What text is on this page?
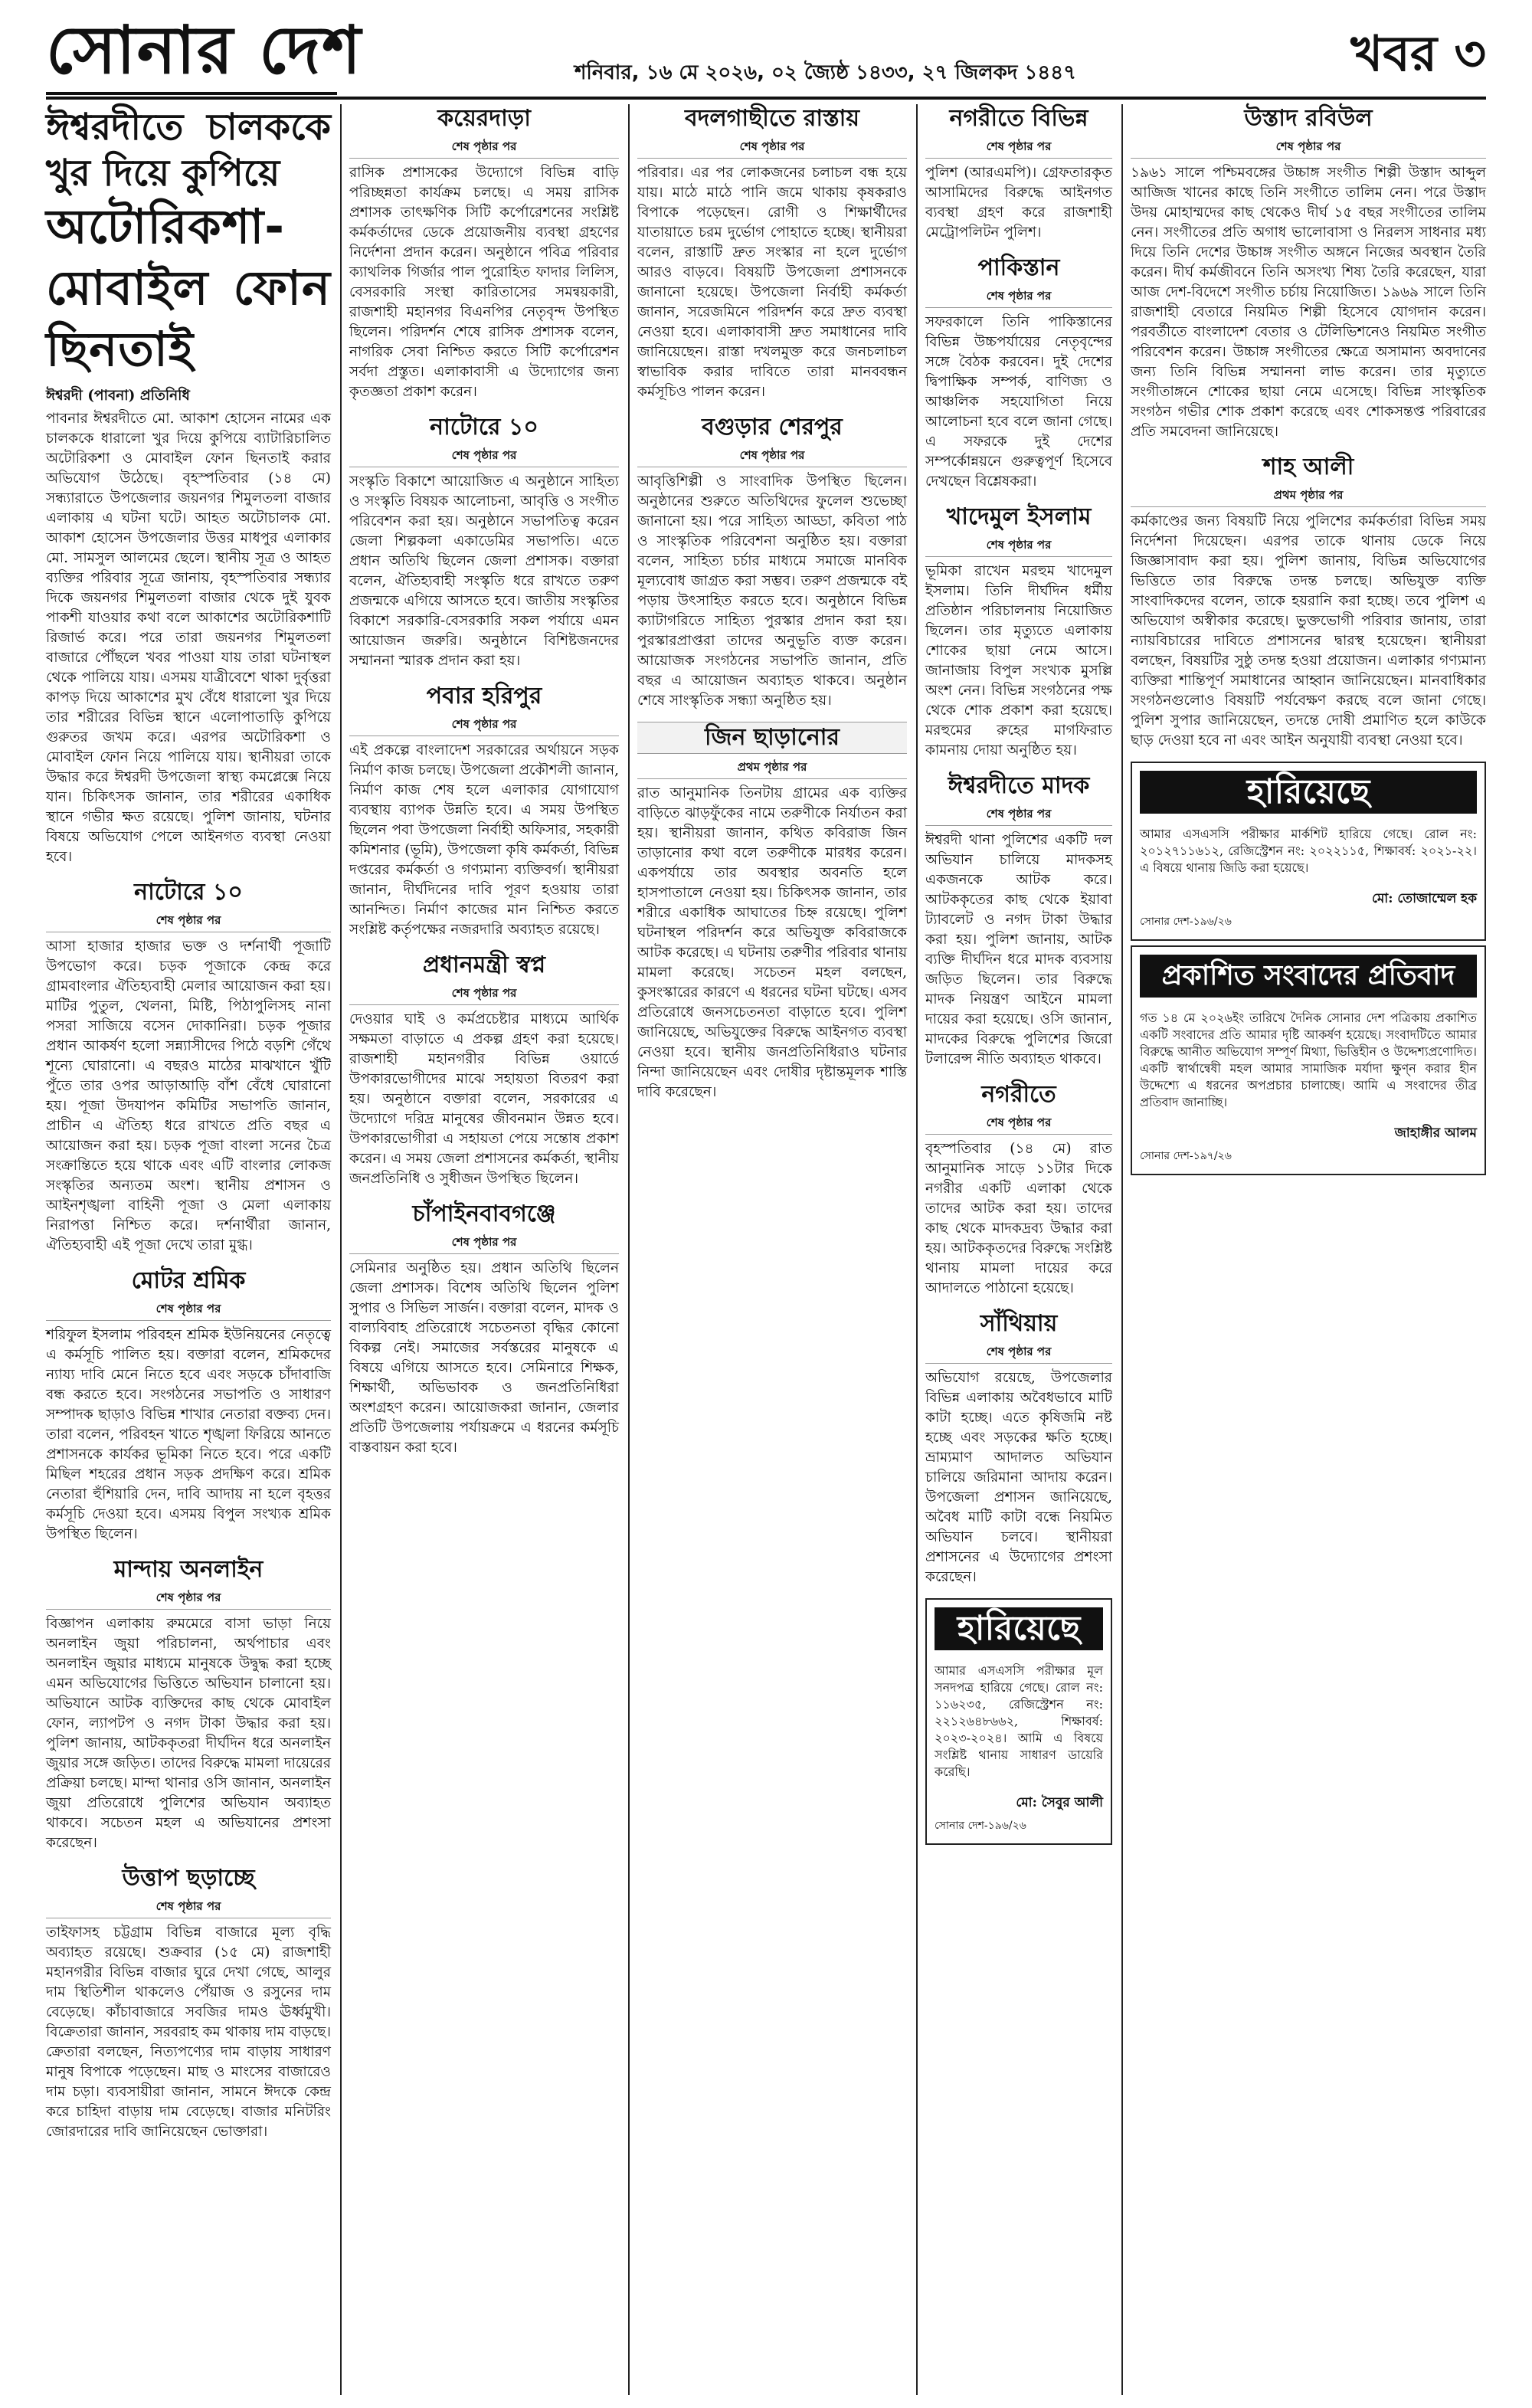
সোনার দেশ	শনিবার, ১৬ মে ২০২৬, ০২ জ্যৈষ্ঠ ১৪৩৩, ২৭ জিলকদ ১৪৪৭	খবর ৩
ঈশ্বরদীতে চালককে খুর দিয়ে কুপিয়ে
অটোরিকশা-মোবাইল ফোন ছিনতাই
ঈশ্বরদী (পাবনা) প্রতিনিধি

পাবনার ঈশ্বরদীতে মো. আকাশ হোসেন নামের এক চালককে ধারালো খুর দিয়ে কুপিয়ে ব্যাটারিচালিত অটোরিকশা ও মোবাইল ফোন ছিনতাই করার অভিযোগ উঠেছে। বৃহস্পতিবার (১৪ মে) সন্ধ্যারাতে উপজেলার জয়নগর শিমুলতলা বাজার এলাকায় এ ঘটনা ঘটে। আহত অটোচালক মো. আকাশ হোসেন উপজেলার উত্তর মাধপুর এলাকার মো. সামসুল আলমের ছেলে। স্থানীয় সূত্র ও আহত ব্যক্তির পরিবার সূত্রে জানায়, বৃহস্পতিবার সন্ধ্যার দিকে জয়নগর শিমুলতলা বাজার থেকে দুই যুবক পাকশী যাওয়ার কথা বলে আকাশের অটোরিকশাটি রিজার্ভ করে। পরে তারা জয়নগর শিমুলতলা বাজারে পৌঁছলে খবর পাওয়া যায় তারা ঘটনাস্থল থেকে পালিয়ে যায়। এসময় যাত্রীবেশে থাকা দুর্বৃত্তরা কাপড় দিয়ে আকাশের মুখ বেঁধে ধারালো খুর দিয়ে তার শরীরের বিভিন্ন স্থানে এলোপাতাড়ি কুপিয়ে গুরুতর জখম করে। এরপর অটোরিকশা ও মোবাইল ফোন নিয়ে পালিয়ে যায়। স্থানীয়রা তাকে উদ্ধার করে ঈশ্বরদী উপজেলা স্বাস্থ্য কমপ্লেক্সে নিয়ে যান। চিকিৎসক জানান, তার শরীরের একাধিক স্থানে গভীর ক্ষত রয়েছে। পুলিশ জানায়, ঘটনার বিষয়ে অভিযোগ পেলে আইনগত ব্যবস্থা নেওয়া হবে।

নাটোরে ১০
শেষ পৃষ্ঠার পর

আসা হাজার হাজার ভক্ত ও দর্শনার্থী পূজাটি উপভোগ করে। চড়ক পূজাকে কেন্দ্র করে গ্রামবাংলার ঐতিহ্যবাহী মেলার আয়োজন করা হয়। মাটির পুতুল, খেলনা, মিষ্টি, পিঠাপুলিসহ নানা পসরা সাজিয়ে বসেন দোকানিরা। চড়ক পূজার প্রধান আকর্ষণ হলো সন্ন্যাসীদের পিঠে বড়শি গেঁথে শূন্যে ঘোরানো। এ বছরও মাঠের মাঝখানে খুঁটি পুঁতে তার ওপর আড়াআড়ি বাঁশ বেঁধে ঘোরানো হয়। পূজা উদযাপন কমিটির সভাপতি জানান, প্রাচীন এ ঐতিহ্য ধরে রাখতে প্রতি বছর এ আয়োজন করা হয়। চড়ক পূজা বাংলা সনের চৈত্র সংক্রান্তিতে হয়ে থাকে এবং এটি বাংলার লোকজ সংস্কৃতির অন্যতম অংশ। স্থানীয় প্রশাসন ও আইনশৃঙ্খলা বাহিনী পূজা ও মেলা এলাকায় নিরাপত্তা নিশ্চিত করে। দর্শনার্থীরা জানান, ঐতিহ্যবাহী এই পূজা দেখে তারা মুগ্ধ।

মোটর শ্রমিক
শেষ পৃষ্ঠার পর

শরিফুল ইসলাম পরিবহন শ্রমিক ইউনিয়নের নেতৃত্বে এ কর্মসূচি পালিত হয়। বক্তারা বলেন, শ্রমিকদের ন্যায্য দাবি মেনে নিতে হবে এবং সড়কে চাঁদাবাজি বন্ধ করতে হবে। সংগঠনের সভাপতি ও সাধারণ সম্পাদক ছাড়াও বিভিন্ন শাখার নেতারা বক্তব্য দেন। তারা বলেন, পরিবহন খাতে শৃঙ্খলা ফিরিয়ে আনতে প্রশাসনকে কার্যকর ভূমিকা নিতে হবে। পরে একটি মিছিল শহরের প্রধান সড়ক প্রদক্ষিণ করে। শ্রমিক নেতারা হুঁশিয়ারি দেন, দাবি আদায় না হলে বৃহত্তর কর্মসূচি দেওয়া হবে। এসময় বিপুল সংখ্যক শ্রমিক উপস্থিত ছিলেন।

মান্দায় অনলাইন
শেষ পৃষ্ঠার পর

বিজ্ঞাপন এলাকায় রুমমেরে বাসা ভাড়া নিয়ে অনলাইন জুয়া পরিচালনা, অর্থপাচার এবং অনলাইন জুয়ার মাধ্যমে মানুষকে উদ্বুদ্ধ করা হচ্ছে এমন অভিযোগের ভিত্তিতে অভিযান চালানো হয়। অভিযানে আটক ব্যক্তিদের কাছ থেকে মোবাইল ফোন, ল্যাপটপ ও নগদ টাকা উদ্ধার করা হয়। পুলিশ জানায়, আটককৃতরা দীর্ঘদিন ধরে অনলাইন জুয়ার সঙ্গে জড়িত। তাদের বিরুদ্ধে মামলা দায়েরের প্রক্রিয়া চলছে। মান্দা থানার ওসি জানান, অনলাইন জুয়া প্রতিরোধে পুলিশের অভিযান অব্যাহত থাকবে। সচেতন মহল এ অভিযানের প্রশংসা করেছেন।

উত্তাপ ছড়াচ্ছে
শেষ পৃষ্ঠার পর

তাইফাসহ চট্টগ্রাম বিভিন্ন বাজারে মূল্য বৃদ্ধি অব্যাহত রয়েছে। শুক্রবার (১৫ মে) রাজশাহী মহানগরীর বিভিন্ন বাজার ঘুরে দেখা গেছে, আলুর দাম স্থিতিশীল থাকলেও পেঁয়াজ ও রসুনের দাম বেড়েছে। কাঁচাবাজারে সবজির দামও ঊর্ধ্বমুখী। বিক্রেতারা জানান, সরবরাহ কম থাকায় দাম বাড়ছে। ক্রেতারা বলছেন, নিত্যপণ্যের দাম বাড়ায় সাধারণ মানুষ বিপাকে পড়েছেন। মাছ ও মাংসের বাজারেও দাম চড়া। ব্যবসায়ীরা জানান, সামনে ঈদকে কেন্দ্র করে চাহিদা বাড়ায় দাম বেড়েছে। বাজার মনিটরিং জোরদারের দাবি জানিয়েছেন ভোক্তারা।

কয়েরদাড়া
শেষ পৃষ্ঠার পর

রাসিক প্রশাসকের উদ্যোগে বিভিন্ন বাড়ি পরিচ্ছন্নতা কার্যক্রম চলছে। এ সময় রাসিক প্রশাসক তাৎক্ষণিক সিটি কর্পোরেশনের সংশ্লিষ্ট কর্মকর্তাদের ডেকে প্রয়োজনীয় ব্যবস্থা গ্রহণের নির্দেশনা প্রদান করেন। অনুষ্ঠানে পবিত্র পরিবার ক্যাথলিক গির্জার পাল পুরোহিত ফাদার লিলিস, বেসরকারি সংস্থা কারিতাসের সমন্বয়কারী, রাজশাহী মহানগর বিএনপির নেতৃবৃন্দ উপস্থিত ছিলেন। পরিদর্শন শেষে রাসিক প্রশাসক বলেন, নাগরিক সেবা নিশ্চিত করতে সিটি কর্পোরেশন সর্বদা প্রস্তুত। এলাকাবাসী এ উদ্যোগের জন্য কৃতজ্ঞতা প্রকাশ করেন।

নাটোরে ১০
শেষ পৃষ্ঠার পর

সংস্কৃতি বিকাশে আয়োজিত এ অনুষ্ঠানে সাহিত্য ও সংস্কৃতি বিষয়ক আলোচনা, আবৃত্তি ও সংগীত পরিবেশন করা হয়। অনুষ্ঠানে সভাপতিত্ব করেন জেলা শিল্পকলা একাডেমির সভাপতি। এতে প্রধান অতিথি ছিলেন জেলা প্রশাসক। বক্তারা বলেন, ঐতিহ্যবাহী সংস্কৃতি ধরে রাখতে তরুণ প্রজন্মকে এগিয়ে আসতে হবে। জাতীয় সংস্কৃতির বিকাশে সরকারি-বেসরকারি সকল পর্যায়ে এমন আয়োজন জরুরি। অনুষ্ঠানে বিশিষ্টজনদের সম্মাননা স্মারক প্রদান করা হয়।

পবার হরিপুর
শেষ পৃষ্ঠার পর

এই প্রকল্পে বাংলাদেশ সরকারের অর্থায়নে সড়ক নির্মাণ কাজ চলছে। উপজেলা প্রকৌশলী জানান, নির্মাণ কাজ শেষ হলে এলাকার যোগাযোগ ব্যবস্থায় ব্যাপক উন্নতি হবে। এ সময় উপস্থিত ছিলেন পবা উপজেলা নির্বাহী অফিসার, সহকারী কমিশনার (ভূমি), উপজেলা কৃষি কর্মকর্তা, বিভিন্ন দপ্তরের কর্মকর্তা ও গণ্যমান্য ব্যক্তিবর্গ। স্থানীয়রা জানান, দীর্ঘদিনের দাবি পূরণ হওয়ায় তারা আনন্দিত। নির্মাণ কাজের মান নিশ্চিত করতে সংশ্লিষ্ট কর্তৃপক্ষের নজরদারি অব্যাহত রয়েছে।

প্রধানমন্ত্রী স্বপ্ন
শেষ পৃষ্ঠার পর

দেওয়ার ঘাই ও কর্মপ্রচেষ্টার মাধ্যমে আর্থিক সক্ষমতা বাড়াতে এ প্রকল্প গ্রহণ করা হয়েছে। রাজশাহী মহানগরীর বিভিন্ন ওয়ার্ডে উপকারভোগীদের মাঝে সহায়তা বিতরণ করা হয়। অনুষ্ঠানে বক্তারা বলেন, সরকারের এ উদ্যোগে দরিদ্র মানুষের জীবনমান উন্নত হবে। উপকারভোগীরা এ সহায়তা পেয়ে সন্তোষ প্রকাশ করেন। এ সময় জেলা প্রশাসনের কর্মকর্তা, স্থানীয় জনপ্রতিনিধি ও সুধীজন উপস্থিত ছিলেন।

চাঁপাইনবাবগঞ্জে
শেষ পৃষ্ঠার পর

সেমিনার অনুষ্ঠিত হয়। প্রধান অতিথি ছিলেন জেলা প্রশাসক। বিশেষ অতিথি ছিলেন পুলিশ সুপার ও সিভিল সার্জন। বক্তারা বলেন, মাদক ও বাল্যবিবাহ প্রতিরোধে সচেতনতা বৃদ্ধির কোনো বিকল্প নেই। সমাজের সর্বস্তরের মানুষকে এ বিষয়ে এগিয়ে আসতে হবে। সেমিনারে শিক্ষক, শিক্ষার্থী, অভিভাবক ও জনপ্রতিনিধিরা অংশগ্রহণ করেন। আয়োজকরা জানান, জেলার প্রতিটি উপজেলায় পর্যায়ক্রমে এ ধরনের কর্মসূচি বাস্তবায়ন করা হবে।

বদলগাছীতে রাস্তায়
শেষ পৃষ্ঠার পর

পরিবার। এর পর লোকজনের চলাচল বন্ধ হয়ে যায়। মাঠে মাঠে পানি জমে থাকায় কৃষকরাও বিপাকে পড়েছেন। রোগী ও শিক্ষার্থীদের যাতায়াতে চরম দুর্ভোগ পোহাতে হচ্ছে। স্থানীয়রা বলেন, রাস্তাটি দ্রুত সংস্কার না হলে দুর্ভোগ আরও বাড়বে। বিষয়টি উপজেলা প্রশাসনকে জানানো হয়েছে। উপজেলা নির্বাহী কর্মকর্তা জানান, সরেজমিনে পরিদর্শন করে দ্রুত ব্যবস্থা নেওয়া হবে। এলাকাবাসী দ্রুত সমাধানের দাবি জানিয়েছেন। রাস্তা দখলমুক্ত করে জনচলাচল স্বাভাবিক করার দাবিতে তারা মানববন্ধন কর্মসূচিও পালন করেন।

বগুড়ার শেরপুর
শেষ পৃষ্ঠার পর

আবৃত্তিশিল্পী ও সাংবাদিক উপস্থিত ছিলেন। অনুষ্ঠানের শুরুতে অতিথিদের ফুলেল শুভেচ্ছা জানানো হয়। পরে সাহিত্য আড্ডা, কবিতা পাঠ ও সাংস্কৃতিক পরিবেশনা অনুষ্ঠিত হয়। বক্তারা বলেন, সাহিত্য চর্চার মাধ্যমে সমাজে মানবিক মূল্যবোধ জাগ্রত করা সম্ভব। তরুণ প্রজন্মকে বই পড়ায় উৎসাহিত করতে হবে। অনুষ্ঠানে বিভিন্ন ক্যাটাগরিতে সাহিত্য পুরস্কার প্রদান করা হয়। পুরস্কারপ্রাপ্তরা তাদের অনুভূতি ব্যক্ত করেন। আয়োজক সংগঠনের সভাপতি জানান, প্রতি বছর এ আয়োজন অব্যাহত থাকবে। অনুষ্ঠান শেষে সাংস্কৃতিক সন্ধ্যা অনুষ্ঠিত হয়।

জিন ছাড়ানোর
প্রথম পৃষ্ঠার পর

রাত আনুমানিক তিনটায় গ্রামের এক ব্যক্তির বাড়িতে ঝাড়ফুঁকের নামে তরুণীকে নির্যাতন করা হয়। স্থানীয়রা জানান, কথিত কবিরাজ জিন তাড়ানোর কথা বলে তরুণীকে মারধর করেন। একপর্যায়ে তার অবস্থার অবনতি হলে হাসপাতালে নেওয়া হয়। চিকিৎসক জানান, তার শরীরে একাধিক আঘাতের চিহ্ন রয়েছে। পুলিশ ঘটনাস্থল পরিদর্শন করে অভিযুক্ত কবিরাজকে আটক করেছে। এ ঘটনায় তরুণীর পরিবার থানায় মামলা করেছে। সচেতন মহল বলছেন, কুসংস্কারের কারণে এ ধরনের ঘটনা ঘটছে। এসব প্রতিরোধে জনসচেতনতা বাড়াতে হবে। পুলিশ জানিয়েছে, অভিযুক্তের বিরুদ্ধে আইনগত ব্যবস্থা নেওয়া হবে। স্থানীয় জনপ্রতিনিধিরাও ঘটনার নিন্দা জানিয়েছেন এবং দোষীর দৃষ্টান্তমূলক শাস্তি দাবি করেছেন।

নগরীতে বিভিন্ন
শেষ পৃষ্ঠার পর

পুলিশ (আরএমপি)। গ্রেফতারকৃত আসামিদের বিরুদ্ধে আইনগত ব্যবস্থা গ্রহণ করে রাজশাহী মেট্রোপলিটন পুলিশ।

পাকিস্তান
শেষ পৃষ্ঠার পর

সফরকালে তিনি পাকিস্তানের বিভিন্ন উচ্চপর্যায়ের নেতৃবৃন্দের সঙ্গে বৈঠক করবেন। দুই দেশের দ্বিপাক্ষিক সম্পর্ক, বাণিজ্য ও আঞ্চলিক সহযোগিতা নিয়ে আলোচনা হবে বলে জানা গেছে। এ সফরকে দুই দেশের সম্পর্কোন্নয়নে গুরুত্বপূর্ণ হিসেবে দেখছেন বিশ্লেষকরা।

খাদেমুল ইসলাম
শেষ পৃষ্ঠার পর

ভূমিকা রাখেন মরহুম খাদেমুল ইসলাম। তিনি দীর্ঘদিন ধর্মীয় প্রতিষ্ঠান পরিচালনায় নিয়োজিত ছিলেন। তার মৃত্যুতে এলাকায় শোকের ছায়া নেমে আসে। জানাজায় বিপুল সংখ্যক মুসল্লি অংশ নেন। বিভিন্ন সংগঠনের পক্ষ থেকে শোক প্রকাশ করা হয়েছে। মরহুমের রুহের মাগফিরাত কামনায় দোয়া অনুষ্ঠিত হয়।

ঈশ্বরদীতে মাদক
শেষ পৃষ্ঠার পর

ঈশ্বরদী থানা পুলিশের একটি দল অভিযান চালিয়ে মাদকসহ একজনকে আটক করে। আটককৃতের কাছ থেকে ইয়াবা ট্যাবলেট ও নগদ টাকা উদ্ধার করা হয়। পুলিশ জানায়, আটক ব্যক্তি দীর্ঘদিন ধরে মাদক ব্যবসায় জড়িত ছিলেন। তার বিরুদ্ধে মাদক নিয়ন্ত্রণ আইনে মামলা দায়ের করা হয়েছে। ওসি জানান, মাদকের বিরুদ্ধে পুলিশের জিরো টলারেন্স নীতি অব্যাহত থাকবে।

নগরীতে
শেষ পৃষ্ঠার পর

বৃহস্পতিবার (১৪ মে) রাত আনুমানিক সাড়ে ১১টার দিকে নগরীর একটি এলাকা থেকে তাদের আটক করা হয়। তাদের কাছ থেকে মাদকদ্রব্য উদ্ধার করা হয়। আটককৃতদের বিরুদ্ধে সংশ্লিষ্ট থানায় মামলা দায়ের করে আদালতে পাঠানো হয়েছে।

সাঁথিয়ায়
শেষ পৃষ্ঠার পর

অভিযোগ রয়েছে, উপজেলার বিভিন্ন এলাকায় অবৈধভাবে মাটি কাটা হচ্ছে। এতে কৃষিজমি নষ্ট হচ্ছে এবং সড়কের ক্ষতি হচ্ছে। ভ্রাম্যমাণ আদালত অভিযান চালিয়ে জরিমানা আদায় করেন। উপজেলা প্রশাসন জানিয়েছে, অবৈধ মাটি কাটা বন্ধে নিয়মিত অভিযান চলবে। স্থানীয়রা প্রশাসনের এ উদ্যোগের প্রশংসা করেছেন।

হারিয়েছে

আমার এসএসসি পরীক্ষার মূল সনদপত্র হারিয়ে গেছে। রোল নং: ১১৬২৩৫, রেজিস্ট্রেশন নং: ২২১২৬৪৮৬৬২, শিক্ষাবর্ষ: ২০২৩-২০২৪। আমি এ বিষয়ে সংশ্লিষ্ট থানায় সাধারণ ডায়েরি করেছি।

মো: সৈবুর আলী
সোনার দেশ-১৯৬/২৬
উস্তাদ রবিউল
শেষ পৃষ্ঠার পর

১৯৬১ সালে পশ্চিমবঙ্গের উচ্চাঙ্গ সংগীত শিল্পী উস্তাদ আব্দুল আজিজ খানের কাছে তিনি সংগীতে তালিম নেন। পরে উস্তাদ উদয় মোহাম্মদের কাছ থেকেও দীর্ঘ ১৫ বছর সংগীতের তালিম নেন। সংগীতের প্রতি অগাধ ভালোবাসা ও নিরলস সাধনার মধ্য দিয়ে তিনি দেশের উচ্চাঙ্গ সংগীত অঙ্গনে নিজের অবস্থান তৈরি করেন। দীর্ঘ কর্মজীবনে তিনি অসংখ্য শিষ্য তৈরি করেছেন, যারা আজ দেশ-বিদেশে সংগীত চর্চায় নিয়োজিত। ১৯৬৯ সালে তিনি রাজশাহী বেতারে নিয়মিত শিল্পী হিসেবে যোগদান করেন। পরবর্তীতে বাংলাদেশ বেতার ও টেলিভিশনেও নিয়মিত সংগীত পরিবেশন করেন। উচ্চাঙ্গ সংগীতের ক্ষেত্রে অসামান্য অবদানের জন্য তিনি বিভিন্ন সম্মাননা লাভ করেন। তার মৃত্যুতে সংগীতাঙ্গনে শোকের ছায়া নেমে এসেছে। বিভিন্ন সাংস্কৃতিক সংগঠন গভীর শোক প্রকাশ করেছে এবং শোকসন্তপ্ত পরিবারের প্রতি সমবেদনা জানিয়েছে।

শাহ আলী
প্রথম পৃষ্ঠার পর

কর্মকাণ্ডের জন্য বিষয়টি নিয়ে পুলিশের কর্মকর্তারা বিভিন্ন সময় নির্দেশনা দিয়েছেন। এরপর তাকে থানায় ডেকে নিয়ে জিজ্ঞাসাবাদ করা হয়। পুলিশ জানায়, বিভিন্ন অভিযোগের ভিত্তিতে তার বিরুদ্ধে তদন্ত চলছে। অভিযুক্ত ব্যক্তি সাংবাদিকদের বলেন, তাকে হয়রানি করা হচ্ছে। তবে পুলিশ এ অভিযোগ অস্বীকার করেছে। ভুক্তভোগী পরিবার জানায়, তারা ন্যায়বিচারের দাবিতে প্রশাসনের দ্বারস্থ হয়েছেন। স্থানীয়রা বলছেন, বিষয়টির সুষ্ঠু তদন্ত হওয়া প্রয়োজন। এলাকার গণ্যমান্য ব্যক্তিরা শান্তিপূর্ণ সমাধানের আহ্বান জানিয়েছেন। মানবাধিকার সংগঠনগুলোও বিষয়টি পর্যবেক্ষণ করছে বলে জানা গেছে। পুলিশ সুপার জানিয়েছেন, তদন্তে দোষী প্রমাণিত হলে কাউকে ছাড় দেওয়া হবে না এবং আইন অনুযায়ী ব্যবস্থা নেওয়া হবে।

হারিয়েছে

আমার এসএসসি পরীক্ষার মার্কশিট হারিয়ে গেছে। রোল নং: ২০১২৭১১৬১২, রেজিস্ট্রেশন নং: ২০২২১১৫, শিক্ষাবর্ষ: ২০২১-২২। এ বিষয়ে থানায় জিডি করা হয়েছে।

মো: তোজাম্মেল হক
সোনার দেশ-১৯৬/২৬
প্রকাশিত সংবাদের প্রতিবাদ

গত ১৪ মে ২০২৬ইং তারিখে দৈনিক সোনার দেশ পত্রিকায় প্রকাশিত একটি সংবাদের প্রতি আমার দৃষ্টি আকর্ষণ হয়েছে। সংবাদটিতে আমার বিরুদ্ধে আনীত অভিযোগ সম্পূর্ণ মিথ্যা, ভিত্তিহীন ও উদ্দেশ্যপ্রণোদিত। একটি স্বার্থান্বেষী মহল আমার সামাজিক মর্যাদা ক্ষুণ্ন করার হীন উদ্দেশ্যে এ ধরনের অপপ্রচার চালাচ্ছে। আমি এ সংবাদের তীব্র প্রতিবাদ জানাচ্ছি।

জাহাঙ্গীর আলম
সোনার দেশ-১৯৭/২৬
